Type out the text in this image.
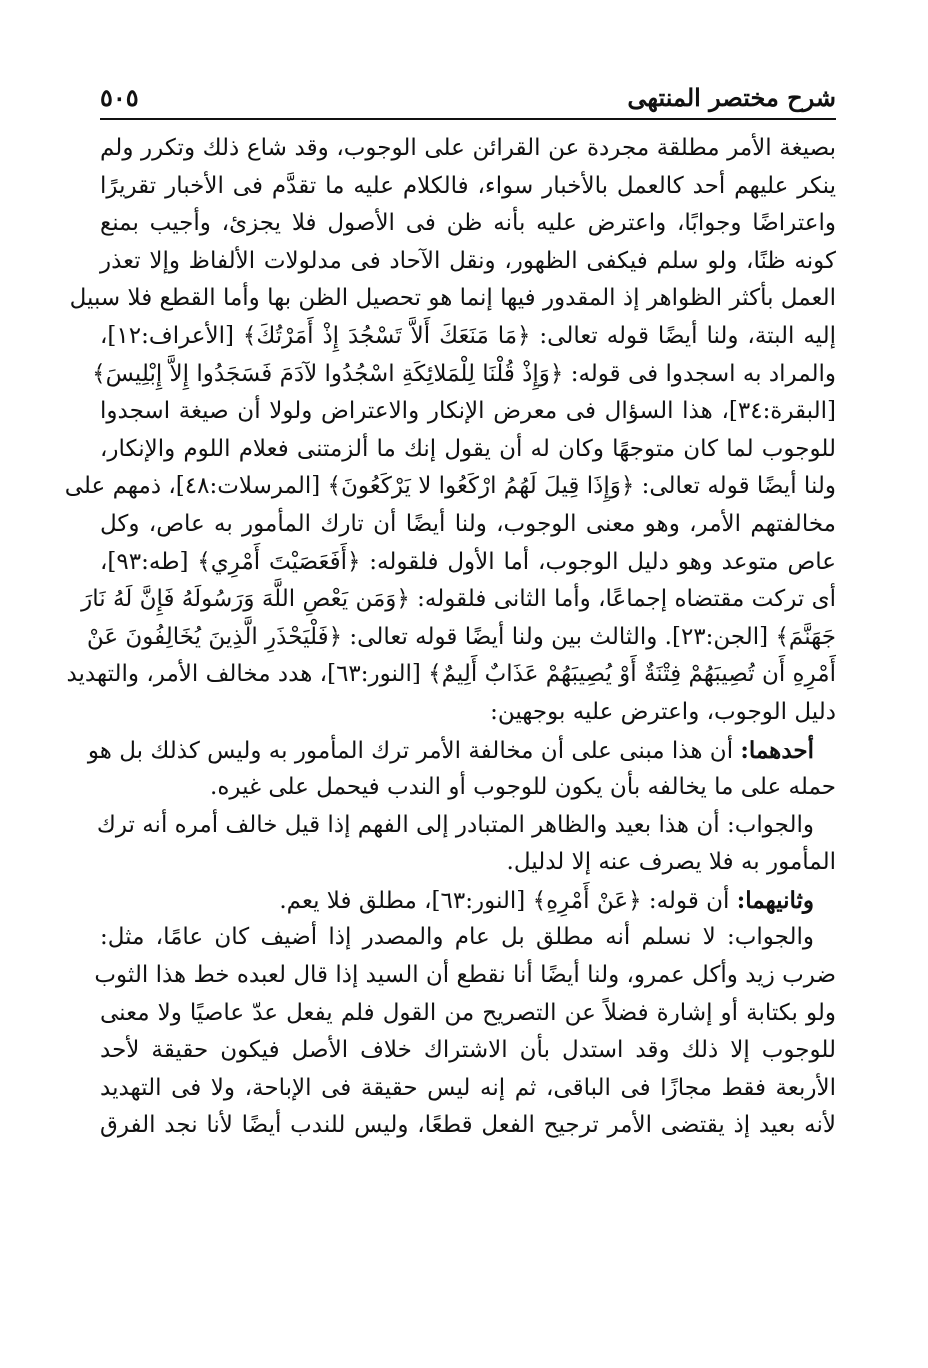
شرح مختصر المنتهى
٥٠٥
بصيغة الأمر مطلقة مجردة عن القرائن على الوجوب، وقد شاع ذلك وتكرر ولم
ينكر عليهم أحد كالعمل بالأخبار سواء، فالكلام عليه ما تقدَّم فى الأخبار تقريرًا
واعتراضًا وجوابًا، واعترض عليه بأنه ظن فى الأصول فلا يجزئ، وأجيب بمنع
كونه ظنًا، ولو سلم فيكفى الظهور، ونقل الآحاد فى مدلولات الألفاظ وإلا تعذر
العمل بأكثر الظواهر إذ المقدور فيها إنما هو تحصيل الظن بها وأما القطع فلا سبيل
إليه البتة، ولنا أيضًا قوله تعالى: ﴿مَا مَنَعَكَ أَلاَّ تَسْجُدَ إِذْ أَمَرْتُكَ﴾ [الأعراف:١٢]،
والمراد به اسجدوا فى قوله: ﴿وَإِذْ قُلْنَا لِلْمَلائِكَةِ اسْجُدُوا لآدَمَ فَسَجَدُوا إِلاَّ إِبْلِيسَ﴾
[البقرة:٣٤]، هذا السؤال فى معرض الإنكار والاعتراض ولولا أن صيغة اسجدوا
للوجوب لما كان متوجهًا وكان له أن يقول إنك ما ألزمتنى فعلام اللوم والإنكار،
ولنا أيضًا قوله تعالى: ﴿وَإِذَا قِيلَ لَهُمُ ارْكَعُوا لا يَرْكَعُونَ﴾ [المرسلات:٤٨]، ذمهم على
مخالفتهم الأمر، وهو معنى الوجوب، ولنا أيضًا أن تارك المأمور به عاص، وكل
عاص متوعد وهو دليل الوجوب، أما الأول فلقوله: ﴿أَفَعَصَيْتَ أَمْرِي﴾ [طه:٩٣]،
أى تركت مقتضاه إجماعًا، وأما الثانى فلقوله: ﴿وَمَن يَعْصِ اللَّهَ وَرَسُولَهُ فَإِنَّ لَهُ نَارَ
جَهَنَّمَ﴾ [الجن:٢٣]. والثالث بين ولنا أيضًا قوله تعالى: ﴿فَلْيَحْذَرِ الَّذِينَ يُخَالِفُونَ عَنْ
أَمْرِهِ أَن تُصِيبَهُمْ فِتْنَةٌ أَوْ يُصِيبَهُمْ عَذَابٌ أَلِيمٌ﴾ [النور:٦٣]، هدد مخالف الأمر، والتهديد
دليل الوجوب، واعترض عليه بوجهين:
أحدهما: أن هذا مبنى على أن مخالفة الأمر ترك المأمور به وليس كذلك بل هو
حمله على ما يخالفه بأن يكون للوجوب أو الندب فيحمل على غيره.
والجواب: أن هذا بعيد والظاهر المتبادر إلى الفهم إذا قيل خالف أمره أنه ترك
المأمور به فلا يصرف عنه إلا لدليل.
وثانيهما: أن قوله: ﴿عَنْ أَمْرِهِ﴾ [النور:٦٣]، مطلق فلا يعم.
والجواب: لا نسلم أنه مطلق بل عام والمصدر إذا أضيف كان عامًا، مثل:
ضرب زيد وأكل عمرو، ولنا أيضًا أنا نقطع أن السيد إذا قال لعبده خط هذا الثوب
ولو بكتابة أو إشارة فضلاً عن التصريح من القول فلم يفعل عدّ عاصيًا ولا معنى
للوجوب إلا ذلك وقد استدل بأن الاشتراك خلاف الأصل فيكون حقيقة لأحد
الأربعة فقط مجازًا فى الباقى، ثم إنه ليس حقيقة فى الإباحة، ولا فى التهديد
لأنه بعيد إذ يقتضى الأمر ترجيح الفعل قطعًا، وليس للندب أيضًا لأنا نجد الفرق
